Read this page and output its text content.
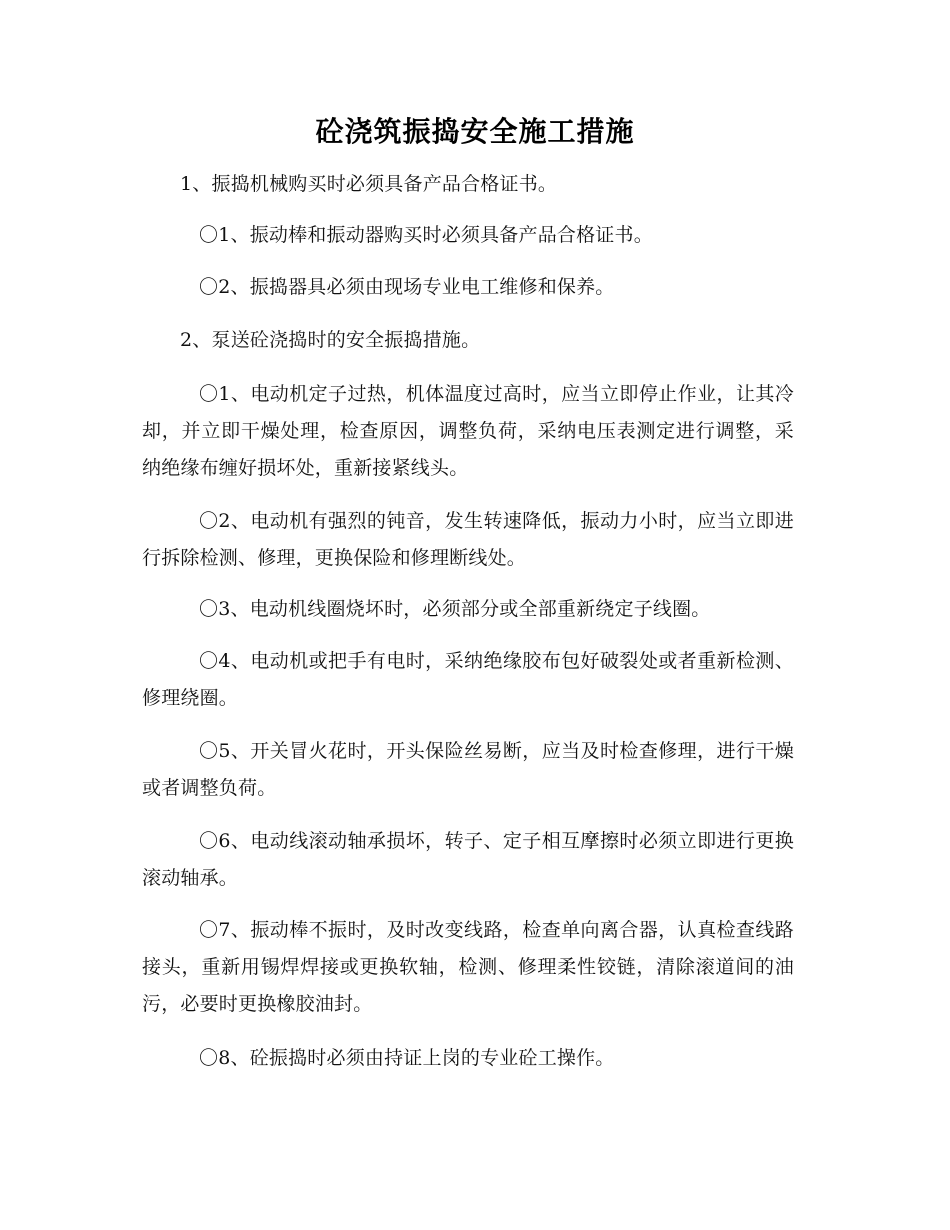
砼浇筑振捣安全施工措施
1、振捣机械购买时必须具备产品合格证书。
〇1、振动棒和振动器购买时必须具备产品合格证书。
〇2、振捣器具必须由现场专业电工维修和保养。
2、泵送砼浇捣时的安全振捣措施。
〇1、电动机定子过热，机体温度过高时，应当立即停止作业，让其冷却，并立即干燥处理，检查原因，调整负荷，采纳电压表测定进行调整，采纳绝缘布缠好损坏处，重新接紧线头。
〇2、电动机有强烈的钝音，发生转速降低，振动力小时，应当立即进行拆除检测、修理，更换保险和修理断线处。
〇3、电动机线圈烧坏时，必须部分或全部重新绕定子线圈。
〇4、电动机或把手有电时，采纳绝缘胶布包好破裂处或者重新检测、修理绕圈。
〇5、开关冒火花时，开头保险丝易断，应当及时检查修理，进行干燥或者调整负荷。
〇6、电动线滚动轴承损坏，转子、定子相互摩擦时必须立即进行更换滚动轴承。
〇7、振动棒不振时，及时改变线路，检查单向离合器，认真检查线路接头，重新用锡焊焊接或更换软轴，检测、修理柔性铰链，清除滚道间的油污，必要时更换橡胶油封。
〇8、砼振捣时必须由持证上岗的专业砼工操作。
